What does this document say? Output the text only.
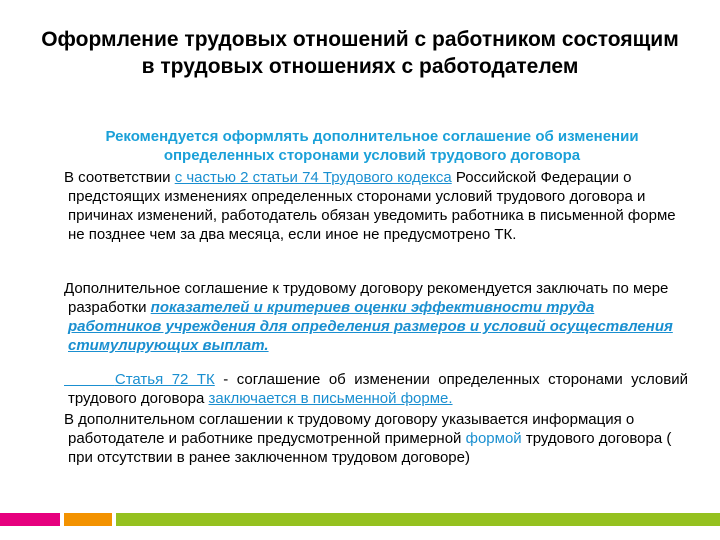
Оформление трудовых отношений с работником состоящим в трудовых отношениях с работодателем
Рекомендуется оформлять дополнительное соглашение об изменении определенных сторонами условий трудового договора
В соответствии с частью 2 статьи 74 Трудового кодекса Российской Федерации о предстоящих изменениях определенных сторонами условий трудового договора и причинах изменений, работодатель обязан уведомить работника в письменной форме не позднее чем за два месяца, если иное не предусмотрено ТК.
Дополнительное соглашение к трудовому договору рекомендуется заключать по мере разработки показателей и критериев оценки эффективности труда работников учреждения для определения размеров и условий осуществления стимулирующих выплат.
Статья 72 ТК - соглашение об изменении определенных сторонами условий трудового договора заключается в письменной форме.
В дополнительном соглашении к трудовому договору указывается информация о работодателе и работнике предусмотренной примерной формой трудового договора ( при отсутствии в ранее заключенном трудовом договоре)
